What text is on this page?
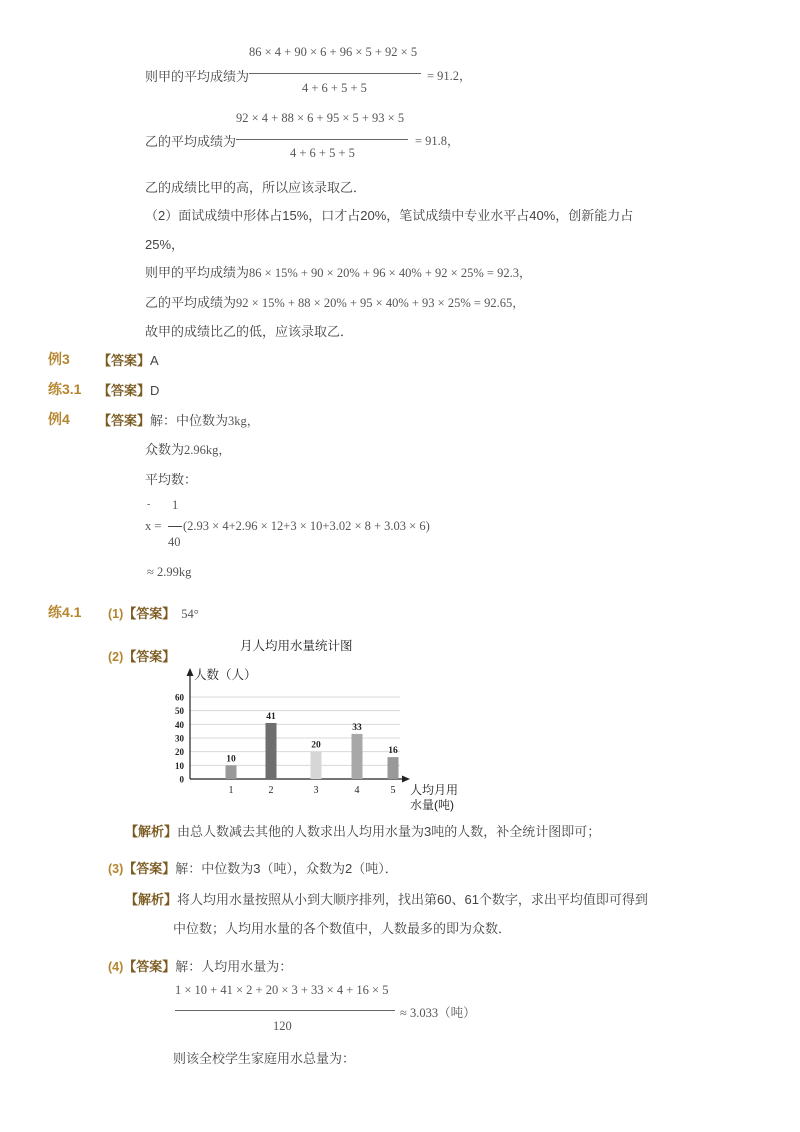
86 × 4 + 90 × 6 + 96 × 5 + 92 × 5
则甲的平均成绩为	= 91.2，
4 + 6 + 5 + 5
92 × 4 + 88 × 6 + 95 × 5 + 93 × 5
乙的平均成绩为	= 91.8，
4 + 6 + 5 + 5
乙的成绩比甲的高，所以应该录取乙．
（2）面试成绩中形体占15%，口才占20%，笔试成绩中专业水平占40%，创新能力占
25%，
则甲的平均成绩为 86 × 15% + 90 × 20% + 96 × 40% + 92 × 25% = 92.3，
乙的平均成绩为 92 × 15% + 88 × 20% + 95 × 40% + 93 × 25% = 92.65，
故甲的成绩比乙的低，应该录取乙．
例3 【答案】 A
练3.1 【答案】 D
例4 【答案】 解：中位数为 3kg，
众数为 2.96kg，
平均数：
- 1
x = (2.93 × 4+2.96 × 12+3 × 10+3.02 × 8 + 3.03 × 6)
40
≈ 2.99kg
练4.1 (1) 【答案】 54°
(2) 【答案】
月人均用水量统计图
人数（人）
人均月用
水量(吨)
0
10
20
30
40
50
60
10
1
41
2
20
3
33
4
16
5
【解析】 由总人数减去其他的人数求出人均用水量为3吨的人数，补全统计图即可；
(3) 【答案】 解：中位数为3（吨），众数为2（吨）．
【解析】 将人均用水量按照从小到大顺序排列，找出第60、61个数字，求出平均值即可得到
中位数；人均用水量的各个数值中，人数最多的即为众数．
(4) 【答案】 解：人均用水量为：
1 × 10 + 41 × 2 + 20 × 3 + 33 × 4 + 16 × 5
≈ 3.033（吨）
120
则该全校学生家庭用水总量为：
